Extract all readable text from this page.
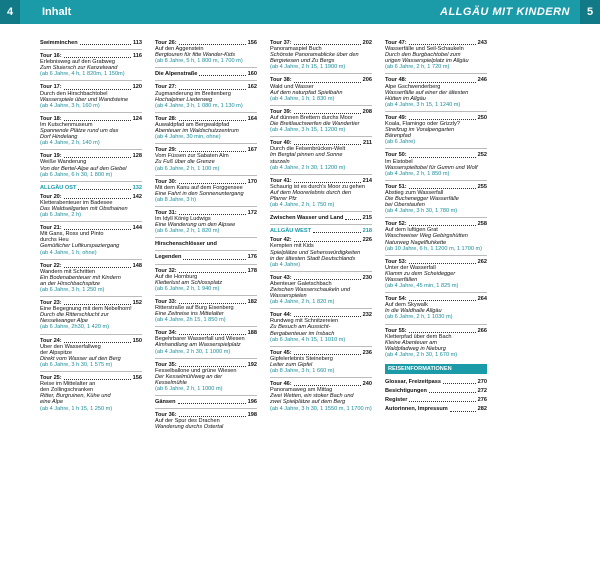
4	Inhalt	ALLGÄU MIT KINDERN	5
Swimminchen	113
Tour 16:	116
Erlebnisweg auf den Grabweg
Zum Stuiersch zur Kanzelwand
(ab 6 Jahre, 4 h, 1 820m, 1 150m)
Tour 17:	120
Durch den Hirschbachtobel
Wasserspiele über und Wandsteine
(ab 4 Jahre, 3 h, 160 m)
Tour 18:	124
Im Kutschenmuseum
Spannende Plätze rund um das
Dorf Hindelang
(ab 4 Jahre, 2 h, 140 m)
Tour 19:	128
Weiße Wanderung
Von der Bertel-Alpe auf den Giebel
(ab 6 Jahre, 6 h 30, 1 800 m)
ALLGÄU OST	132
Tour 20:	142
Kletterabenteuer im Badesee
Das Waldseilgarten mit Obsthainen
(ab 6 Jahre, 2 h)
Tour 21:	144
Mit Gans, Ross und Pinto
durchs Heu
Gemütlicher Luftkurspaziergang
(ab 4 Jahre, 1 h, ohne)
Tour 22:	148
Wandern mit Schritten
Ein Bodenabenteuer mit Kindern
an der Hirschbachspitze
(ab 6 Jahre, 3 h, 1 250 m)
Tour 23:	152
Eine Begegnung mit dem Nebelhorn!
Durch die Ritterschlucht zur
Nesselwanger Alpe
(ab 6 Jahre, 2h30, 1 420 m)
Tour 24:	150
Über den Wasserfallweg
der Alpspitze
Direkt vom Wasser auf den Berg
(ab 6 Jahre, 3 h 30, 1 575 m)
Tour 25:	156
Reise im Mittelalter an
den Zollingschranken
Ritter, Burgruinen, Kühe und
eine Alpe
(ab 4 Jahre, 1 h 15, 1 250 m)
Tour 26:	156
Auf den Aggenstein
Bergtouren für fitte Wander-Kids
(ab 8 Jahre, 5 h, 1 800 m, 1 700 m)
Die Alpenstraße	160
Tour 27:	162
Zugmanderung im Breitenberg
Hochalpiner Liederweg
(ab 4 Jahre, 3 h, 1 080 m, 1 130 m)
Tour 28:	164
Auwaldpfad am Bergwaldpfad
Abenteuer im Waldschutzzentrum
(ab 4 Jahre, 30 min, ohne)
Tour 29:	167
Vom Füssen zur Sabaten Alm
Zu Fuß über die Grenze
(ab 6 Jahre, 2 h, 1 100 m)
Tour 30:	170
Mit dem Kanu auf dem Forggensee
Eine Fahrt in den Sonnenuntergang
(ab 8 Jahre, 3 h)
Tour 31:	172
Im Idyll König Ludwigs
Eine Wanderung um den Alpsee
(ab 6 Jahre, 2 h, 1 820 m)
Hirschenschlösser und
Legenden	176
Tour 32:	178
Auf die Hornburg
Kletterlust am Schlossplatz
(ab 6 Jahre, 2 h, 1 940 m)
Tour 33:	182
Ritterstraße auf Burg Eisenberg
Eine Zeitreise ins Mittelalter
(ab 4 Jahre, 2h 15, 1 850 m)
Tour 34:	188
Begehrbarer Wasserfall und Wiesen
Almhandlung am Wasserspielplatz
(ab 4 Jahre, 2 h 30, 1 1000 m)
Tour 35:	192
Fesselballone und grüne Wiesen
Der Kesselmühlweg an der
Kesselmühle
(ab 6 Jahre, 2 h, 1 1000 m)
Gänsen	196
Tour 36:	198
Auf der Spur des Drachen
Wanderung durchs Ostertal
Tour 37:	202
Panoramaspiel Buch
Schönste Panoramablicke über den
Bergwiesen und Zu Bergs
(ab 4 Jahre, 2 h 15, 1 1900 m)
Tour 38:	206
Wald und Wasser
Auf dem naturpfad Spielbahn
(ab 4 Jahre, 1 h, 1 830 m)
Tour 39:	208
Auf dünnen Brettern durchs Moor
Die Breitlauchwerfen die Wandertier
(ab 4 Jahre, 3 h 15, 1 1200 m)
Tour 40:	211
Durch die Felsenbrücken-Welt
Im Bergtal pinnen und Sonne
sturzeln
(ab 4 Jahre, 2 h 30, 1 1200 m)
Tour 41:	214
Schaurig ist es durch's Moor zu gehen
Auf dem Moorerlebnis durch den
Pfarrer Pfz
(ab 4 Jahre, 2 h, 1 750 m)
Zwischen Wasser und Land	215
ALLGÄU WEST	218
Tour 42:	226
Kempten mit Kids
Spielplätze und Sehenswürdigkeiten
in der ältesten Stadt Deutschlands
(ab 4 Jahre)
Tour 43:	230
Abenteuer Galetschbach
Zwischen Wasserschaukeln und
Wasserspielen
(ab 4 Jahre, 2 h, 1 820 m)
Tour 44:	232
Rundweg mit Schnitzereien
Zu Besuch am Aussicht-
Bergabenteuer im Irsbach
(ab 6 Jahre, 4 h 15, 1 1010 m)
Tour 45:	236
Gipfelerlebnis Steineberg
Leiter zum Gipfel
(ab 8 Jahre, 3 h, 1 660 m)
Tour 46:	240
Panoramaweg am Mittag
Zwei Wetten, ein stoker Bach und
zwei Spielplätze auf dem Berg
(ab 4 Jahre, 3 h 30, 1 1550 m, 1 1700 m)
Tour 47:	243
Wasserfälle und Seil-Schaukeln
Durch den Burgbachtobel zum
urigen Wasserspielplatz im Allgäu
(ab 6 Jahre, 2 h, 1 720 m)
Tour 48:	246
Alpe Gschwenderberg
Wasserfälle auf einer der ältesten
Hütten im Allgäu
(ab 4 Jahre, 3 h 15, 1 1240 m)
Tour 49:	250
Koala, Flamingo oder Grizzly?
Streifzug im Voralpengarten
Bärenpfad
(ab 6 Jahre)
Tour 50:	252
Im Eistobel
Wasserspieltobel für Gumm und Wolf
(ab 4 Jahre, 2 h, 1 850 m)
Tour 51:	255
Abstieg zum Wasserfall
Die Buchenegger Wasserfälle
bei Oberstaufen
(ab 4 Jahre, 3 h 30, 1 780 m)
Tour 52:	258
Auf dem luftigen Grat
Waschweiser Weg Gebirgshütten
Naturweg Nagelfluhkette
(ab 10 Jahre, 6 h, 1 1200 m, 1 1700 m)
Tour 53:	262
Unter der Wasserfall
Klamm zu dem Scheidegger
Wasserfällen
(ab 4 Jahre, 45 min, 1 825 m)
Tour 54:	264
Auf dem Skywalk
In die Waldhalle Allgäu
(ab 6 Jahre, 2 h, 1 1030 m)
Tour 55:	266
Kletterpfad über dem Bach
Kleine Abenteuer am
Waldpfadweg in Nieburg
(ab 4 Jahre, 2 h 30, 1 670 m)
REISEINFORMATIONEN
Glossar, Freizeitpass	270
Besichtigungen	272
Register	276
Autorinnen, Impressum	282
